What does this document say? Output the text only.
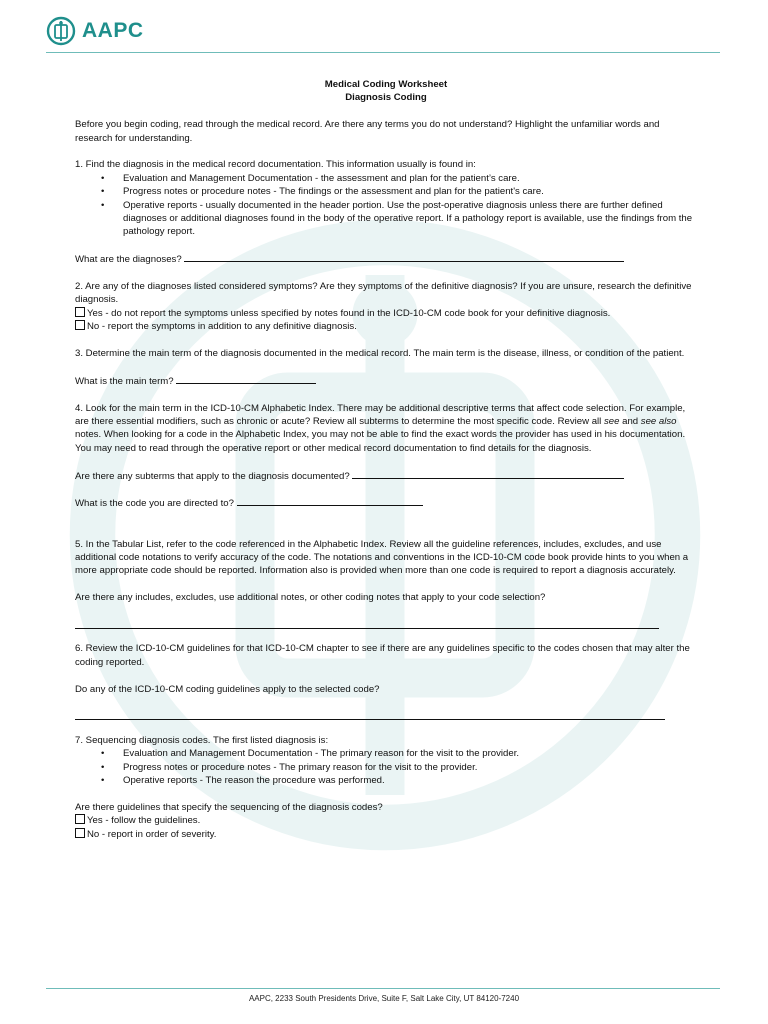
AAPC

Medical Coding Worksheet

Diagnosis Coding

Before you begin coding, read through the medical record. Are there any terms you do not understand? Highlight the unfamiliar words and research for understanding.

1. Find the diagnosis in the medical record documentation. This information usually is found in:

• Evaluation and Management Documentation - the assessment and plan for the patient’s care.
• Progress notes or procedure notes - The findings or the assessment and plan for the patient's care.
• Operative reports - usually documented in the header portion. Use the post-operative diagnosis unless there are further defined diagnoses or additional diagnoses found in the body of the operative report. If a pathology report is available, use the findings from the pathology report.

What are the diagnoses?

2. Are any of the diagnoses listed considered symptoms? Are they symptoms of the definitive diagnosis? If you are unsure, research the definitive diagnosis.

Yes - do not report the symptoms unless specified by notes found in the ICD-10-CM code book for your definitive diagnosis.

No - report the symptoms in addition to any definitive diagnosis.

3. Determine the main term of the diagnosis documented in the medical record. The main term is the disease, illness, or condition of the patient.

What is the main term?

4. Look for the main term in the ICD-10-CM Alphabetic Index. There may be additional descriptive terms that affect code selection. For example, are there essential modifiers, such as chronic or acute? Review all subterms to determine the most specific code. Review all see and see also notes. When looking for a code in the Alphabetic Index, you may not be able to find the exact words the provider has used in his documentation. You may need to read through the operative report or other medical record documentation to find details for the diagnosis.

Are there any subterms that apply to the diagnosis documented?

What is the code you are directed to?

5. In the Tabular List, refer to the code referenced in the Alphabetic Index. Review all the guideline references, includes, excludes, and use additional code notations to verify accuracy of the code. The notations and conventions in the ICD-10-CM code book provide hints to you when a more appropriate code should be reported. Information also is provided when more than one code is required to report a diagnosis accurately.

Are there any includes, excludes, use additional notes, or other coding notes that apply to your code selection?

6. Review the ICD-10-CM guidelines for that ICD-10-CM chapter to see if there are any guidelines specific to the codes chosen that may alter the coding reported.

Do any of the ICD-10-CM coding guidelines apply to the selected code?

7. Sequencing diagnosis codes. The first listed diagnosis is:

• Evaluation and Management Documentation - The primary reason for the visit to the provider.
• Progress notes or procedure notes - The primary reason for the visit to the provider.
• Operative reports - The reason the procedure was performed.

Are there guidelines that specify the sequencing of the diagnosis codes?

Yes - follow the guidelines.

No - report in order of severity.

AAPC, 2233 South Presidents Drive, Suite F, Salt Lake City, UT 84120-7240
